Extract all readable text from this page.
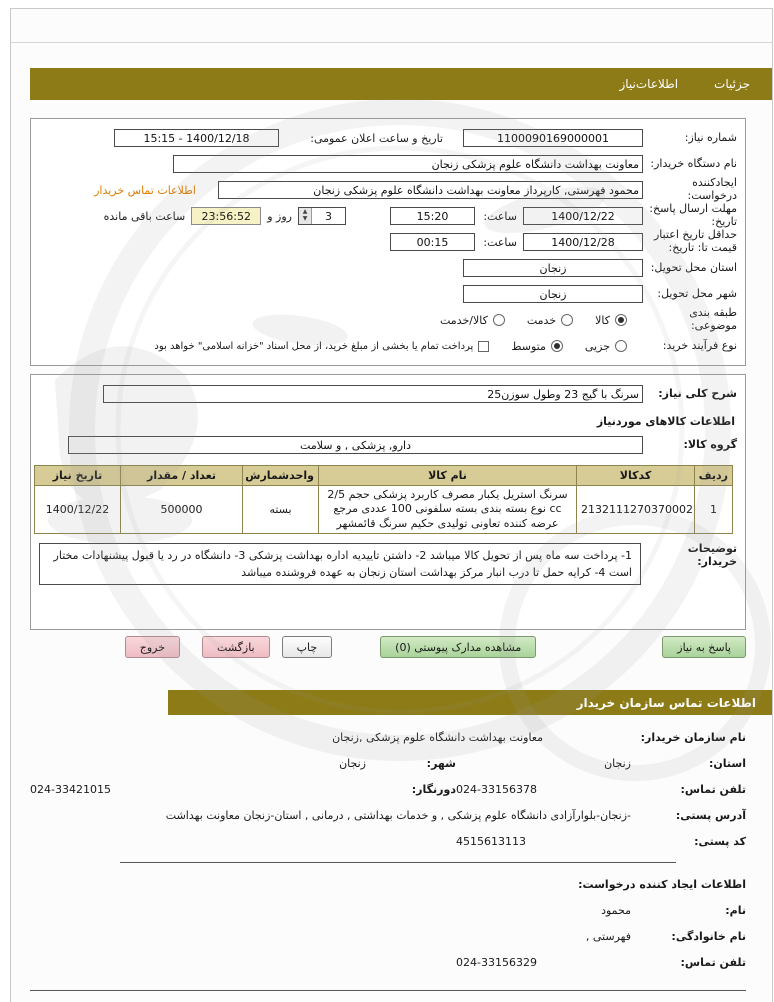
جزئیات
اطلاعات‌نیاز
شماره نیاز:
1100090169000001
تاریخ و ساعت اعلان عمومی:
1400/12/18 - 15:15
نام دستگاه خریدار:
معاونت بهداشت دانشگاه علوم پزشکی زنجان
ایجادکننده
درخواست:
محمود فهرستی, کارپرداز معاونت بهداشت دانشگاه علوم پزشکی زنجان
اطلاعات تماس خریدار
مهلت ارسال پاسخ:
تاریخ:
1400/12/22
ساعت:
15:20
3
▲
▼
روز و
23:56:52
ساعت باقی مانده
حداقل تاریخ اعتبار
قیمت تا: تاریخ:
1400/12/28
ساعت:
00:15
استان محل تحویل:
زنجان
شهر محل تحویل:
زنجان
طبقه بندی موضوعی:
کالا
خدمت
کالا/خدمت
نوع فرآیند خرید:
جزیی
متوسط
پرداخت تمام یا بخشی از مبلغ خرید، از محل اسناد "خزانه اسلامی" خواهد بود
شرح کلی نیاز:
سرنگ با گیج 23 وطول سوزن25
اطلاعات کالاهای موردنیاز
گروه کالا:
دارو, پزشکی , و سلامت
ردیف	کدکالا	نام کالا	واحدشمارش	تعداد / مقدار	تاریخ نیاز
1	2132111270370002	سرنگ استریل یکبار مصرف کاربرد پزشکی حجم 2/5 cc نوع بسته بندی بسته سلفونی 100 عددی مرجع عرضه کننده تعاونی تولیدی حکیم سرنگ قائمشهر	بسته	500000	1400/12/22
توضیحات خریدار:
1- پرداخت سه ماه پس از تحویل کالا میباشد 2- داشتن تاییدیه اداره بهداشت پزشکی 3- دانشگاه در رد یا قبول پیشنهادات مختار است 4- کرایه حمل تا درب انبار مرکز بهداشت استان زنجان به عهده فروشنده میباشد
پاسخ به نیاز
مشاهده مدارک پیوستی (0)
چاپ
بازگشت
خروج
اطلاعات تماس سازمان خریدار
نام سازمان خریدار:
معاونت بهداشت دانشگاه علوم پزشکی ,زنجان
استان:
زنجان
شهر:
زنجان
تلفن تماس:
024-33156378
دورنگار:
024-33421015
آدرس پستی:
-زنجان-بلوارآزادی دانشگاه علوم پزشکی , و خدمات بهداشتی , درمانی , استان-زنجان معاونت بهداشت
کد پستی:
4515613113
اطلاعات ایجاد کننده درخواست:
نام:
محمود
نام خانوادگی:
فهرستی ,
تلفن تماس:
024-33156329
